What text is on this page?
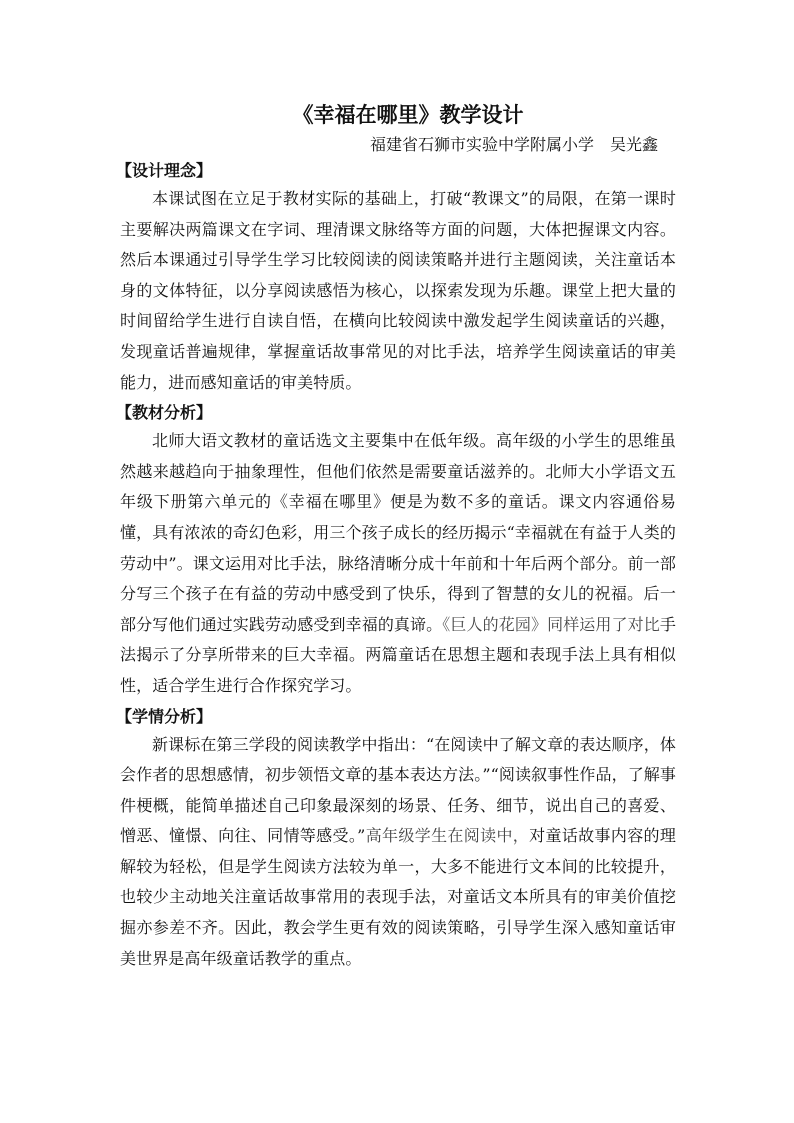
《幸福在哪里》教学设计

福建省石狮市实验中学附属小学　吴光鑫

【设计理念】

本课试图在立足于教材实际的基础上，打破“教课文”的局限，在第一课时主要解决两篇课文在字词、理清课文脉络等方面的问题，大体把握课文内容。然后本课通过引导学生学习比较阅读的阅读策略并进行主题阅读，关注童话本身的文体特征，以分享阅读感悟为核心，以探索发现为乐趣。课堂上把大量的时间留给学生进行自读自悟，在横向比较阅读中激发起学生阅读童话的兴趣，发现童话普遍规律，掌握童话故事常见的对比手法，培养学生阅读童话的审美能力，进而感知童话的审美特质。

【教材分析】

北师大语文教材的童话选文主要集中在低年级。高年级的小学生的思维虽然越来越趋向于抽象理性，但他们依然是需要童话滋养的。北师大小学语文五年级下册第六单元的《幸福在哪里》便是为数不多的童话。课文内容通俗易懂，具有浓浓的奇幻色彩，用三个孩子成长的经历揭示“幸福就在有益于人类的劳动中”。课文运用对比手法，脉络清晰分成十年前和十年后两个部分。前一部分写三个孩子在有益的劳动中感受到了快乐，得到了智慧的女儿的祝福。后一部分写他们通过实践劳动感受到幸福的真谛。《巨人的花园》同样运用了对比手法揭示了分享所带来的巨大幸福。两篇童话在思想主题和表现手法上具有相似性，适合学生进行合作探究学习。

【学情分析】

新课标在第三学段的阅读教学中指出：“在阅读中了解文章的表达顺序，体会作者的思想感情，初步领悟文章的基本表达方法。”“阅读叙事性作品，了解事件梗概，能简单描述自己印象最深刻的场景、任务、细节，说出自己的喜爱、憎恶、憧憬、向往、同情等感受。”高年级学生在阅读中，对童话故事内容的理解较为轻松，但是学生阅读方法较为单一，大多不能进行文本间的比较提升，也较少主动地关注童话故事常用的表现手法，对童话文本所具有的审美价值挖掘亦参差不齐。因此，教会学生更有效的阅读策略，引导学生深入感知童话审美世界是高年级童话教学的重点。
